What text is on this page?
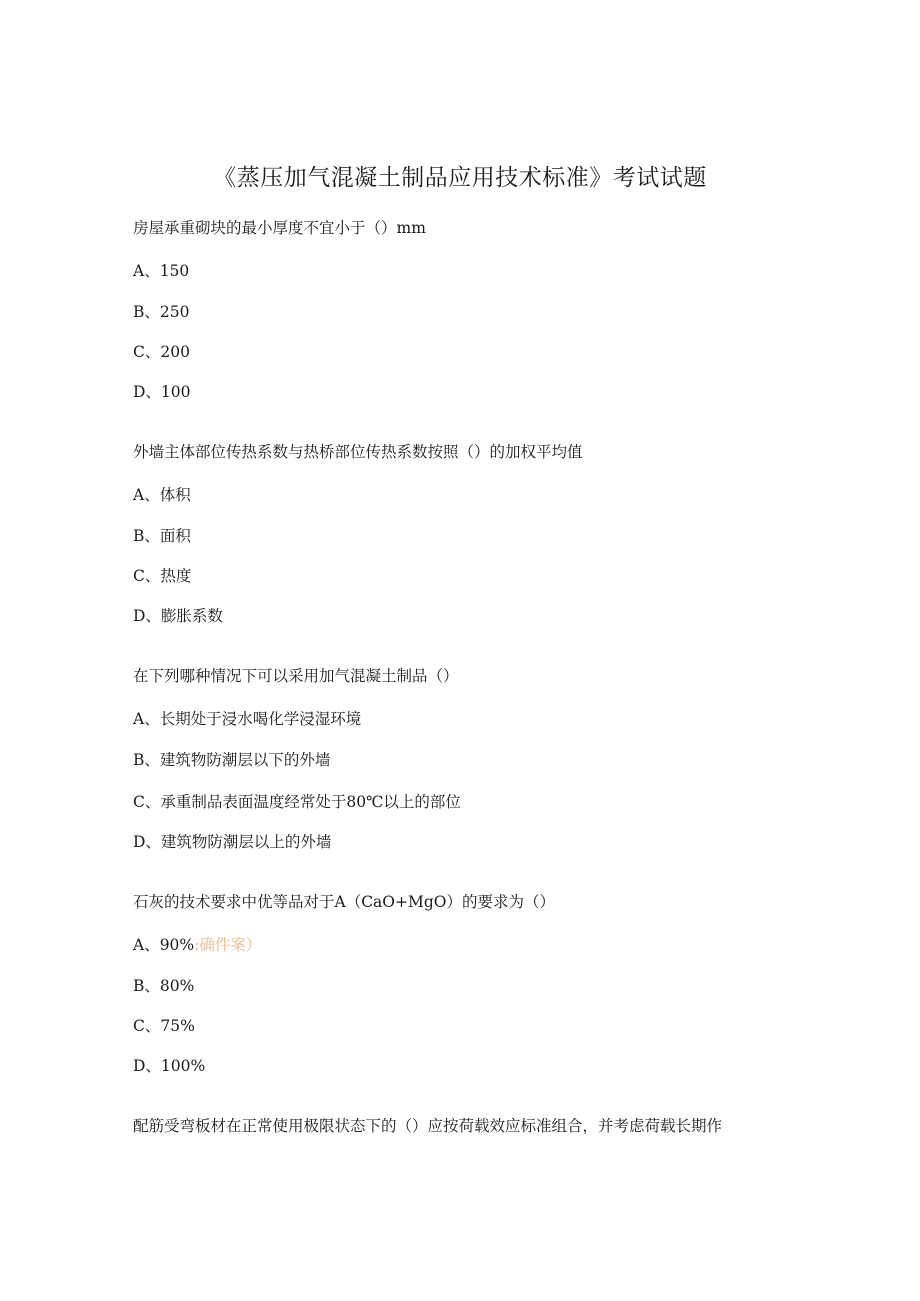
《蒸压加气混凝土制品应用技术标准》考试试题
房屋承重砌块的最小厚度不宜小于（）mm
A、150
B、250
C、200
D、100
外墙主体部位传热系数与热桥部位传热系数按照（）的加权平均值
A、体积
B、面积
C、热度
D、膨胀系数
在下列哪种情况下可以采用加气混凝土制品（）
A、长期处于浸水喝化学浸湿环境
B、建筑物防潮层以下的外墙
C、承重制品表面温度经常处于80℃以上的部位
D、建筑物防潮层以上的外墙
石灰的技术要求中优等品对于A（CaO+MgO）的要求为（）
A、90%:确件案）
B、80%
C、75%
D、100%
配筋受弯板材在正常使用极限状态下的（）应按荷载效应标准组合，并考虑荷载长期作
